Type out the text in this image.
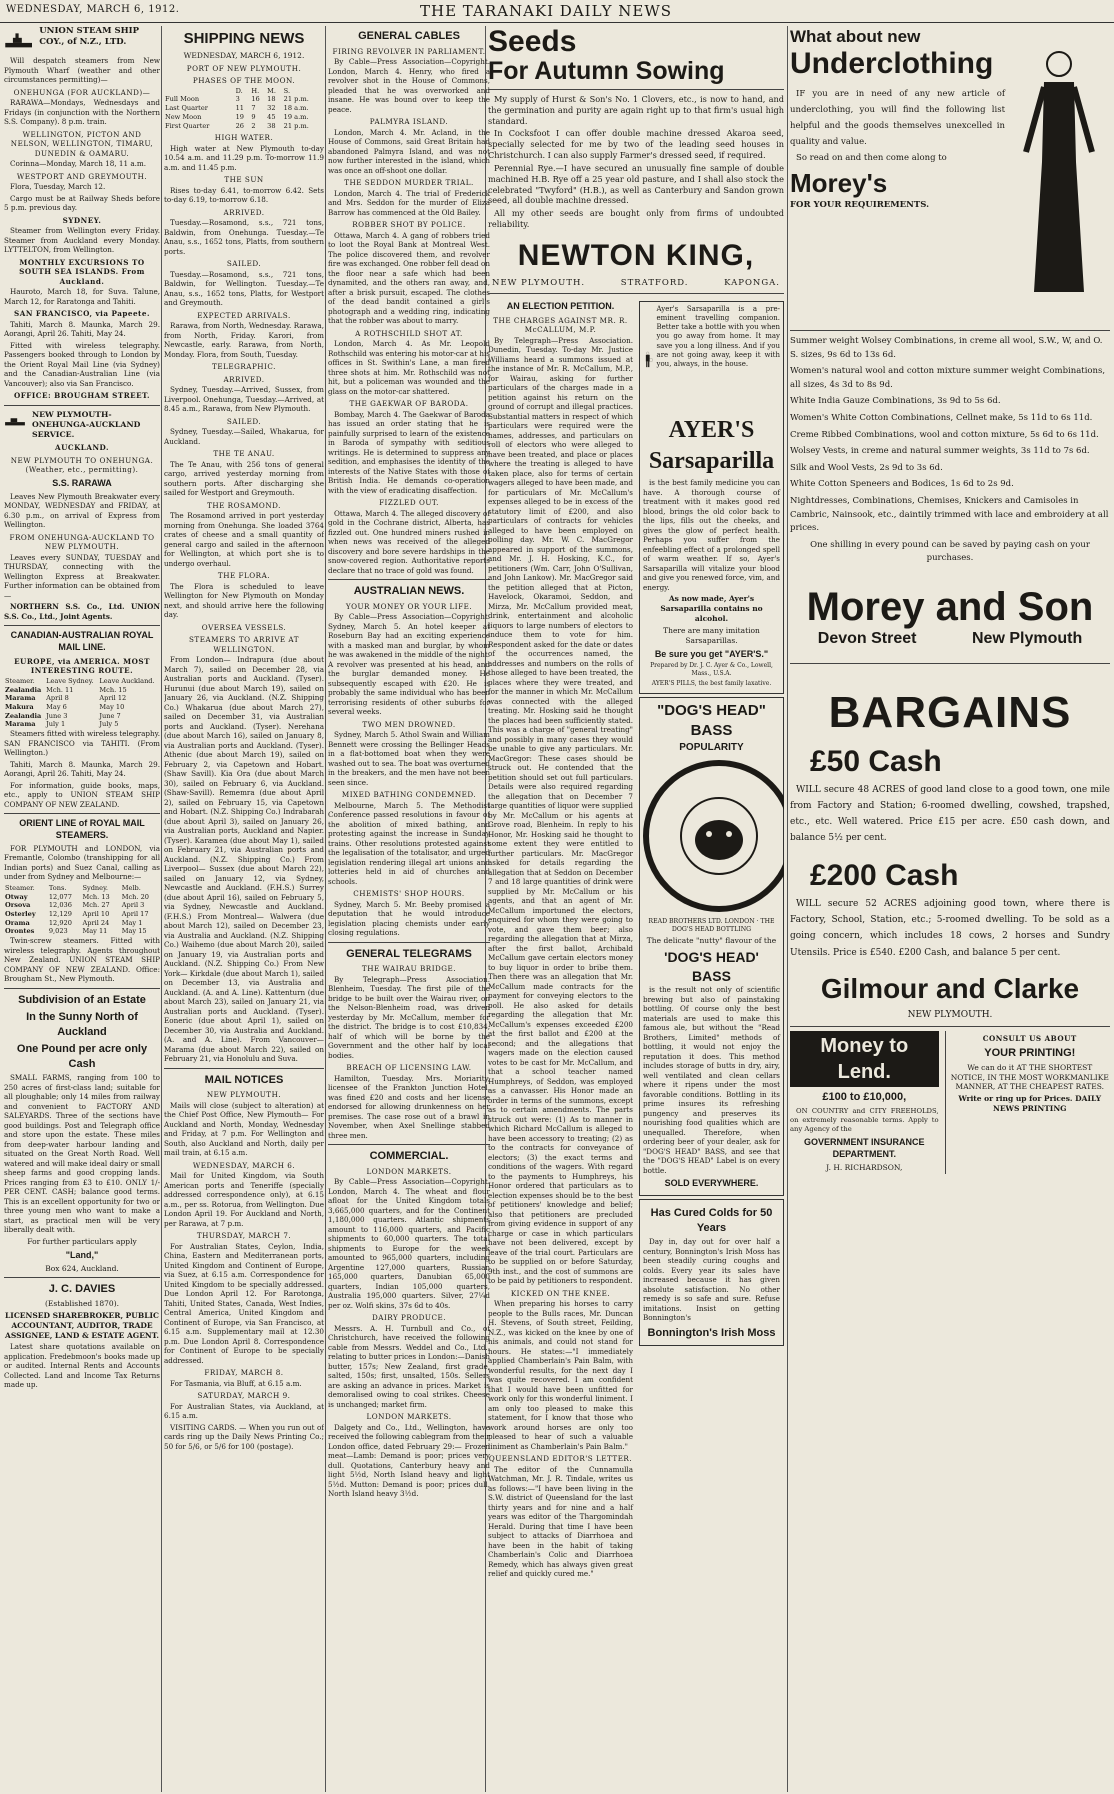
WEDNESDAY, MARCH 6, 1912.	THE TARANAKI DAILY NEWS
UNION STEAM SHIP COY., of N.Z., LTD.

Will despatch steamers from New Plymouth Wharf (weather and other circumstances permitting)—

ONEHUNGA (FOR AUCKLAND)—

RARAWA—Mondays, Wednesdays and Fridays (in conjunction with the Northern S.S. Company). 8 p.m. train.

WELLINGTON, PICTON AND NELSON, WELLINGTON, TIMARU, DUNEDIN & OAMARU.

Corinna—Monday, March 18, 11 a.m.

WESTPORT AND GREYMOUTH.

Flora, Tuesday, March 12.

Cargo must be at Railway Sheds before 5 p.m. previous day.

SYDNEY.

Steamer from Wellington every Friday. Steamer from Auckland every Monday. LYTTELTON, from Wellington.

MONTHLY EXCURSIONS TO SOUTH SEA ISLANDS. From Auckland.

Hauroto, March 18, for Suva. Talune, March 12, for Raratonga and Tahiti.

SAN FRANCISCO, via Papeete.

Tahiti, March 8. Maunka, March 29. Aorangi, April 26. Tahiti, May 24.

Fitted with wireless telegraphy. Passengers booked through to London by the Orient Royal Mail Line (via Sydney) and the Canadian-Australian Line (via Vancouver); also via San Francisco.

OFFICE: BROUGHAM STREET.
NEW PLYMOUTH-ONEHUNGA-AUCKLAND SERVICE.
AUCKLAND.
NEW PLYMOUTH TO ONEHUNGA. (Weather, etc., permitting).
S.S. RARAWA

Leaves New Plymouth Breakwater every MONDAY, WEDNESDAY and FRIDAY, at 6.30 p.m., on arrival of Express from Wellington.

FROM ONEHUNGA-AUCKLAND TO NEW PLYMOUTH.

Leaves every SUNDAY, TUESDAY and THURSDAY, connecting with the Wellington Express at Breakwater. Further information can be obtained from—

NORTHERN S.S. Co., Ltd. UNION S.S. Co., Ltd., Joint Agents.

CANADIAN-AUSTRALIAN ROYAL MAIL LINE.
EUROPE, via AMERICA. MOST INTERESTING ROUTE.
Steamer.	Leave Sydney.	Leave Auckland.
Zealandia	Mch. 11	Mch. 15
Marama	April 8	April 12
Makura	May 6	May 10
Zealandia	June 3	June 7
Marama	July 1	July 5

Steamers fitted with wireless telegraphy. SAN FRANCISCO via TAHITI. (From Wellington.)

Tahiti, March 8. Maunka, March 29. Aorangi, April 26. Tahiti, May 24.

For information, guide books, maps, etc., apply to UNION STEAM SHIP COMPANY OF NEW ZEALAND.

ORIENT LINE of ROYAL MAIL STEAMERS.

FOR PLYMOUTH and LONDON, via Fremantle, Colombo (transhipping for all Indian ports) and Suez Canal, calling as under from Sydney and Melbourne:—

Steamer.	Tons.	Sydney.	Melb.
Otway	12,077	Mch. 13	Mch. 20
Orsova	12,036	Mch. 27	April 3
Osterley	12,129	April 10	April 17
Orama	12,920	April 24	May 1
Orontes	9,023	May 11	May 15

Twin-screw steamers. Fitted with wireless telegraphy. Agents throughout New Zealand. UNION STEAM SHIP COMPANY OF NEW ZEALAND. Office: Brougham St., New Plymouth.

Subdivision of an Estate
In the Sunny North of Auckland
One Pound per acre only Cash

SMALL FARMS, ranging from 100 to 250 acres of first-class land; suitable for all ploughable; only 14 miles from railway and convenient to FACTORY AND SALEYARDS. Three of the sections have good buildings. Post and Telegraph office and store upon the estate. These miles from deep-water harbour landing and situated on the Great North Road. Well watered and will make ideal dairy or small sheep farms and good cropping lands. Prices ranging from £3 to £10. ONLY 1/- PER CENT. CASH; balance good terms. This is an excellent opportunity for two or three young men who want to make a start, as practical men will be very liberally dealt with.

For further particulars apply
"Land,"
Box 624, Auckland.
J. C. DAVIES
(Established 1870).
LICENSED SHAREBROKER, PUBLIC ACCOUNTANT, AUDITOR, TRADE ASSIGNEE, LAND & ESTATE AGENT.

Latest share quotations available on application. Fredebmoon's books made up or audited. Internal Rents and Accounts Collected. Land and Income Tax Returns made up.

SHIPPING NEWS
WEDNESDAY, MARCH 6, 1912.
PORT OF NEW PLYMOUTH.
PHASES OF THE MOON.
	D.	H.	M.	S.
Full Moon	3	16	18	21 p.m.
Last Quarter	11	7	32	18 a.m.
New Moon	19	9	45	19 a.m.
First Quarter	26	2	38	21 p.m.
HIGH WATER.

High water at New Plymouth to-day 10.54 a.m. and 11.29 p.m. To-morrow 11.9 a.m. and 11.45 p.m.

THE SUN

Rises to-day 6.41, to-morrow 6.42. Sets to-day 6.19, to-morrow 6.18.

ARRIVED.

Tuesday.—Rosamond, s.s., 721 tons, Baldwin, from Onehunga. Tuesday.—Te Anau, s.s., 1652 tons, Platts, from southern ports.

SAILED.

Tuesday.—Rosamond, s.s., 721 tons, Baldwin, for Wellington. Tuesday.—Te Anau, s.s., 1652 tons, Platts, for Westport and Greymouth.

EXPECTED ARRIVALS.

Rarawa, from North, Wednesday. Rarawa, from North, Friday. Karori, from Newcastle, early. Rarawa, from North, Monday. Flora, from South, Tuesday.

TELEGRAPHIC.
ARRIVED.

Sydney, Tuesday.—Arrived, Sussex, from Liverpool. Onehunga, Tuesday.—Arrived, at 8.45 a.m., Rarawa, from New Plymouth.

SAILED.

Sydney, Tuesday.—Sailed, Whakarua, for Auckland.

THE TE ANAU.

The Te Anau, with 256 tons of general cargo, arrived yesterday morning from southern ports. After discharging she sailed for Westport and Greymouth.

THE ROSAMOND.

The Rosamond arrived in port yesterday morning from Onehunga. She loaded 3764 crates of cheese and a small quantity of general cargo and sailed in the afternoon for Wellington, at which port she is to undergo overhaul.

THE FLORA.

The Flora is scheduled to leave Wellington for New Plymouth on Monday next, and should arrive here the following day.

OVERSEA VESSELS.
STEAMERS TO ARRIVE AT WELLINGTON.

From London— Indrapura (due about March 7), sailed on December 28, via Australian ports and Auckland. (Tyser). Hurunui (due about March 19), sailed on January 26, via Auckland. (N.Z. Shipping Co.) Whakarua (due about March 27), sailed on December 31, via Australian ports and Auckland. (Tyser). Nerehana (due about March 16), sailed on January 8, via Australian ports and Auckland. (Tyser). Athenic (due about March 19), sailed on February 2, via Capetown and Hobart. (Shaw Savill). Kia Ora (due about March 30), sailed on February 6, via Auckland. (Shaw-Savill). Rememra (due about April 2), sailed on February 15, via Capetown and Hobart. (N.Z. Shipping Co.) Indrabarah (due about April 3), sailed on January 26, via Australian ports, Auckland and Napier. (Tyser). Karamea (due about May 1), sailed on February 21, via Australian ports and Auckland. (N.Z. Shipping Co.) From Liverpool— Sussex (due about March 22), sailed on January 12, via Sydney, Newcastle and Auckland. (F.H.S.) Surrey (due about April 16), sailed on February 5, via Sydney, Newcastle and Auckland. (F.H.S.) From Montreal— Walwera (due about March 12), sailed on December 23, via Australia and Auckland. (N.Z. Shipping Co.) Waihemo (due about March 20), sailed on January 19, via Australian ports and Auckland. (N.Z. Shipping Co.) From New York— Kirkdale (due about March 1), sailed on December 13, via Australia and Auckland. (A. and A. Line). Kattenturn (due about March 23), sailed on January 21, via Australian ports and Auckland. (Tyser). Eoneric (due about April 1), sailed on December 30, via Australia and Auckland. (A. and A. Line). From Vancouver— Marama (due about March 22), sailed on February 21, via Honolulu and Suva.

MAIL NOTICES
NEW PLYMOUTH.

Mails will close (subject to alteration) at the Chief Post Office, New Plymouth— For Auckland and North, Monday, Wednesday and Friday, at 7 p.m. For Wellington and South, also Auckland and North, daily per mail train, at 6.15 a.m.

WEDNESDAY, MARCH 6.

Mail for United Kingdom, via South American ports and Teneriffe (specially addressed correspondence only), at 6.15 a.m., per ss. Rotorua, from Wellington. Due London April 19. For Auckland and North, per Rarawa, at 7 p.m.

THURSDAY, MARCH 7.

For Australian States, Ceylon, India, China, Eastern and Mediterranean ports, United Kingdom and Continent of Europe, via Suez, at 6.15 a.m. Correspondence for United Kingdom to be specially addressed. Due London April 12. For Rarotonga, Tahiti, United States, Canada, West Indies, Central America, United Kingdom and Continent of Europe, via San Francisco, at 6.15 a.m. Supplementary mail at 12.30 p.m. Due London April 8. Correspondence for Continent of Europe to be specially addressed.

FRIDAY, MARCH 8.

For Tasmania, via Bluff, at 6.15 a.m.

SATURDAY, MARCH 9.

For Australian States, via Auckland, at 6.15 a.m.

VISITING CARDS. — When you run out of cards ring up the Daily News Printing Co.; 50 for 5/6, or 5/6 for 100 (postage).

GENERAL CABLES
FIRING REVOLVER IN PARLIAMENT.

By Cable—Press Association—Copyright. London, March 4. Henry, who fired a revolver shot in the House of Commons, pleaded that he was overworked and insane. He was bound over to keep the peace.

PALMYRA ISLAND.

London, March 4. Mr. Acland, in the House of Commons, said Great Britain had abandoned Palmyra Island, and was not now further interested in the island, which was once an off-shoot one dollar.

THE SEDDON MURDER TRIAL.

London, March 4. The trial of Frederick and Mrs. Seddon for the murder of Eliza Barrow has commenced at the Old Bailey.

ROBBER SHOT BY POLICE.

Ottawa, March 4. A gang of robbers tried to loot the Royal Bank at Montreal West. The police discovered them, and revolver fire was exchanged. One robber fell dead on the floor near a safe which had been dynamited, and the others ran away, and, after a brisk pursuit, escaped. The clothes of the dead bandit contained a girl's photograph and a wedding ring, indicating that the robber was about to marry.

A ROTHSCHILD SHOT AT.

London, March 4. As Mr. Leopold Rothschild was entering his motor-car at his offices in St. Swithin's Lane, a man fired three shots at him. Mr. Rothschild was not hit, but a policeman was wounded and the glass on the motor-car shattered.

THE GAEKWAR OF BARODA.

Bombay, March 4. The Gaekwar of Baroda has issued an order stating that he is painfully surprised to learn of the existence in Baroda of sympathy with seditious writings. He is determined to suppress any sedition, and emphasises the identity of the interests of the Native States with those of British India. He demands co-operation with the view of eradicating disaffection.

FIZZLED OUT.

Ottawa, March 4. The alleged discovery of gold in the Cochrane district, Alberta, has fizzled out. One hundred miners rushed in when news was received of the alleged discovery and bore severe hardships in the snow-covered region. Authoritative reports declare that no trace of gold was found.

AUSTRALIAN NEWS.
YOUR MONEY OR YOUR LIFE.

By Cable—Press Association—Copyright. Sydney, March 5. An hotel keeper at Roseburn Bay had an exciting experience with a masked man and burglar, by whom he was awakened in the middle of the night. A revolver was presented at his head, and the burglar demanded money. He subsequently escaped with £20. He is probably the same individual who has been terrorising residents of other suburbs for several weeks.

TWO MEN DROWNED.

Sydney, March 5. Athol Swain and William Bennett were crossing the Bellinger Heads in a flat-bottomed boat when they were washed out to sea. The boat was overturned in the breakers, and the men have not been seen since.

MIXED BATHING CONDEMNED.

Melbourne, March 5. The Methodist Conference passed resolutions in favour of the abolition of mixed bathing, and protesting against the increase in Sunday trains. Other resolutions protested against the legalisation of the totalisator, and urged legislation rendering illegal art unions and lotteries held in aid of churches and schools.

CHEMISTS' SHOP HOURS.

Sydney, March 5. Mr. Beeby promised a deputation that he would introduce legislation placing chemists under early closing regulations.

GENERAL TELEGRAMS
THE WAIRAU BRIDGE.

By Telegraph—Press Association. Blenheim, Tuesday. The first pile of the bridge to be built over the Wairau river, on the Nelson-Blenheim road, was driven yesterday by Mr. McCallum, member for the district. The bridge is to cost £10,834, half of which will be borne by the Government and the other half by local bodies.

BREACH OF LICENSING LAW.

Hamilton, Tuesday. Mrs. Moriarity, licensee of the Frankton Junction Hotel, was fined £20 and costs and her license endorsed for allowing drunkenness on her premises. The case rose out of a brawl in November, when Axel Snellinge stabbed three men.

COMMERCIAL.
LONDON MARKETS.

By Cable—Press Association—Copyright. London, March 4. The wheat and flour afloat for the United Kingdom totals 3,665,000 quarters, and for the Continent 1,180,000 quarters. Atlantic shipments amount to 116,000 quarters, and Pacific shipments to 60,000 quarters. The total shipments to Europe for the week amounted to 965,000 quarters, including Argentine 127,000 quarters, Russian 165,000 quarters, Danubian 65,000 quarters, Indian 105,000 quarters, Australia 195,000 quarters. Silver, 27¼d per oz. Wolfi skins, 37s 6d to 40s.

DAIRY PRODUCE.

Messrs. A. H. Turnbull and Co., of Christchurch, have received the following cable from Messrs. Weddel and Co., Ltd., relating to butter prices in London:—Danish butter, 157s; New Zealand, first grade, salted, 150s; first, unsalted, 150s. Sellers are asking an advance in prices. Market is demoralised owing to coal strikes. Cheese is unchanged; market firm.

LONDON MARKETS.

Dalgety and Co., Ltd., Wellington, have received the following cablegram from their London office, dated February 29:— Frozen meat—Lamb: Demand is poor; prices very dull. Quotations, Canterbury heavy and light 5½d, North Island heavy and light 5½d. Mutton: Demand is poor; prices dull. North Island heavy 3½d.

Seeds
For Autumn Sowing

My supply of Hurst & Son's No. 1 Clovers, etc., is now to hand, and the germination and purity are again right up to that firm's usual high standard.

In Cocksfoot I can offer double machine dressed Akaroa seed, specially selected for me by two of the leading seed houses in Christchurch. I can also supply Farmer's dressed seed, if required.

Perennial Rye.—I have secured an unusually fine sample of double machined H.B. Rye off a 25 year old pasture, and I shall also stock the celebrated "Twyford" (H.B.), as well as Canterbury and Sandon grown seed, all double machine dressed.

All my other seeds are bought only from firms of undoubted reliability.

NEWTON KING,
NEW PLYMOUTH.	STRATFORD.	KAPONGA.
AN ELECTION PETITION.
THE CHARGES AGAINST MR. R. McCALLUM, M.P.

By Telegraph—Press Association. Dunedin, Tuesday. To-day Mr. Justice Williams heard a summons issued at the instance of Mr. R. McCallum, M.P., for Wairau, asking for further particulars of the charges made in a petition against his return on the ground of corrupt and illegal practices. Substantial matters in respect of which particulars were required were the names, addresses, and particulars on roll of electors who were alleged to have been treated, and place or places where the treating is alleged to have taken place, also for terms of certain wagers alleged to have been made, and for particulars of Mr. McCallum's expenses alleged to be in excess of the statutory limit of £200, and also particulars of contracts for vehicles alleged to have been employed on polling day. Mr. W. C. MacGregor appeared in support of the summons, and Mr. J. H. Hosking, K.C., for petitioners (Wm. Carr, John O'Sullivan, and John Lankow). Mr. MacGregor said the petition alleged that at Picton, Havelock, Okaramoi, Seddon, and Mirza, Mr. McCallum provided meat, drink, entertainment and alcoholic liquors to large numbers of electors to induce them to vote for him. Respondent asked for the date or dates of the occurrences named, the addresses and numbers on the rolls of those alleged to have been treated, the places where they were treated, and for the manner in which Mr. McCallum was connected with the alleged treating. Mr. Hosking said he thought the places had been sufficiently stated. This was a charge of "general treating" and possibly in many cases they would be unable to give any particulars. Mr. MacGregor: These cases should be struck out. He contended that the petition should set out full particulars. Details were also required regarding the allegation that on December 7 large quantities of liquor were supplied by Mr. McCallum or his agents at Grove road, Blenheim. In reply to his Honor, Mr. Hosking said he thought to some extent they were entitled to further particulars. Mr. MacGregor asked for details regarding the allegation that at Seddon on December 7 and 18 large quantities of drink were supplied by Mr. McCallum or his agents, and that an agent of Mr. McCallum importuned the electors, enquired for whom they were going to vote, and gave them beer; also regarding the allegation that at Mirza, after the first ballot, Archibald McCallum gave certain electors money to buy liquor in order to bribe them. Then there was an allegation that Mr. McCallum made contracts for the payment for conveying electors to the poll. He also asked for details regarding the allegation that Mr. McCallum's expenses exceeded £200 at the first ballot and £200 at the second; and the allegations that wagers made on the election caused votes to be cast for Mr. McCallum, and that a school teacher named Humphreys, of Seddon, was employed as a canvasser. His Honor made an order in terms of the summons, except as to certain amendments. The parts struck out were: (1) As to manner in which Richard McCallum is alleged to have been accessory to treating; (2) as to the contracts for conveyance of electors; (3) the exact terms and conditions of the wagers. With regard to the payments to Humphreys, his Honor ordered that particulars as to election expenses should be to the best of petitioners' knowledge and belief; also that petitioners are precluded from giving evidence in support of any charge or case in which particulars have not been delivered, except by leave of the trial court. Particulars are to be supplied on or before Saturday, 9th inst., and the cost of summons are to be paid by petitioners to respondent.

KICKED ON THE KNEE.

When preparing his horses to carry people to the Bulls races, Mr. Duncan H. Stevens, of South street, Feilding, N.Z., was kicked on the knee by one of his animals, and could not stand for hours. He states:—"I immediately applied Chamberlain's Pain Balm, with wonderful results, for the next day I was quite recovered. I am confident that I would have been unfitted for work only for this wonderful liniment. I am only too pleased to make this statement, for I know that those who work around horses are only too pleased to hear of such a valuable liniment as Chamberlain's Pain Balm."

QUEENSLAND EDITOR'S LETTER.

The editor of the Cunnamulla Watchman, Mr. J. R. Tindale, writes us as follows:—"I have been living in the S.W. district of Queensland for the last thirty years and for nine and a half years was editor of the Thargomindah Herald. During that time I have been subject to attacks of Diarrhoea and have been in the habit of taking Chamberlain's Colic and Diarrhoea Remedy, which has always given great relief and quickly cured me."

Ayer's Sarsaparilla is a pre-eminent travelling companion. Better take a bottle with you when you go away from home. It may save you a long illness. And if you are not going away, keep it with you, always, in the house.

AYER'S Sarsaparilla

is the best family medicine you can have. A thorough course of treatment with it makes good red blood, brings the old color back to the lips, fills out the cheeks, and gives the glow of perfect health. Perhaps you suffer from the enfeebling effect of a prolonged spell of warm weather. If so, Ayer's Sarsaparilla will vitalize your blood and give you renewed force, vim, and energy.

As now made, Ayer's Sarsaparilla contains no alcohol.
There are many imitation Sarsaparillas.
Be sure you get "AYER'S."
Prepared by Dr. J. C. Ayer & Co., Lowell, Mass., U.S.A.
AYER'S PILLS, the best family laxative.
"DOG'S HEAD" BASS
POPULARITY
READ BROTHERS LTD. LONDON · THE DOG'S HEAD BOTTLING
The delicate "nutty" flavour of the
'DOG'S HEAD' BASS

is the result not only of scientific brewing but also of painstaking bottling. Of course only the best materials are used to make this famous ale, but without the "Read Brothers, Limited" methods of bottling, it would not enjoy the reputation it does. This method includes storage of butts in dry, airy, well ventilated and clean cellars where it ripens under the most favorable conditions. Bottling in its prime insures its refreshing pungency and preserves its nourishing food qualities which are unequalled. Therefore, when ordering beer of your dealer, ask for "DOG'S HEAD" BASS, and see that the "DOG'S HEAD" Label is on every bottle.

SOLD EVERYWHERE.
Has Cured Colds for 50 Years

Day in, day out for over half a century, Bonnington's Irish Moss has been steadily curing coughs and colds. Every year its sales have increased because it has given absolute satisfaction. No other remedy is so safe and sure. Refuse imitations. Insist on getting Bonnington's

Bonnington's Irish Moss
What about new
Underclothing

IF you are in need of any new article of underclothing, you will find the following list helpful and the goods themselves unexcelled in quality and value.

So read on and then come along to

Morey's
FOR YOUR REQUIREMENTS.
Summer weight Wolsey Combinations, in creme all wool, S.W., W, and O. S. sizes, 9s 6d to 13s 6d.
Women's natural wool and cotton mixture summer weight Combinations, all sizes, 4s 3d to 8s 9d.
White India Gauze Combinations, 3s 9d to 5s 6d.
Women's White Cotton Combinations, Cellnet make, 5s 11d to 6s 11d.
Creme Ribbed Combinations, wool and cotton mixture, 5s 6d to 6s 11d.
Wolsey Vests, in creme and natural summer weights, 3s 11d to 7s 6d.
Silk and Wool Vests, 2s 9d to 3s 6d.
White Cotton Speneers and Bodices, 1s 6d to 2s 9d.
Nightdresses, Combinations, Chemises, Knickers and Camisoles in Cambric, Nainsook, etc., daintily trimmed with lace and embroidery at all prices.
One shilling in every pound can be saved by paying cash on your purchases.
Morey and Son
Devon Street	New Plymouth
BARGAINS
£50 Cash

WILL secure 48 ACRES of good land close to a good town, one mile from Factory and Station; 6-roomed dwelling, cowshed, trapshed, etc., etc. Well watered. Price £15 per acre. £50 cash down, and balance 5½ per cent.

£200 Cash

WILL secure 52 ACRES adjoining good town, where there is Factory, School, Station, etc.; 5-roomed dwelling. To be sold as a going concern, which includes 18 cows, 2 horses and Sundry Utensils. Price is £540. £200 Cash, and balance 5 per cent.

Gilmour and Clarke
NEW PLYMOUTH.
Money to Lend.
£100 to £10,000,

ON COUNTRY and CITY FREEHOLDS, on extremely reasonable terms. Apply to any Agency of the

GOVERNMENT INSURANCE DEPARTMENT.
J. H. RICHARDSON,
CONSULT US ABOUT
YOUR PRINTING!
We can do it AT THE SHORTEST NOTICE, IN THE MOST WORKMANLIKE MANNER, AT THE CHEAPEST RATES.
Write or ring up for Prices. DAILY NEWS PRINTING
